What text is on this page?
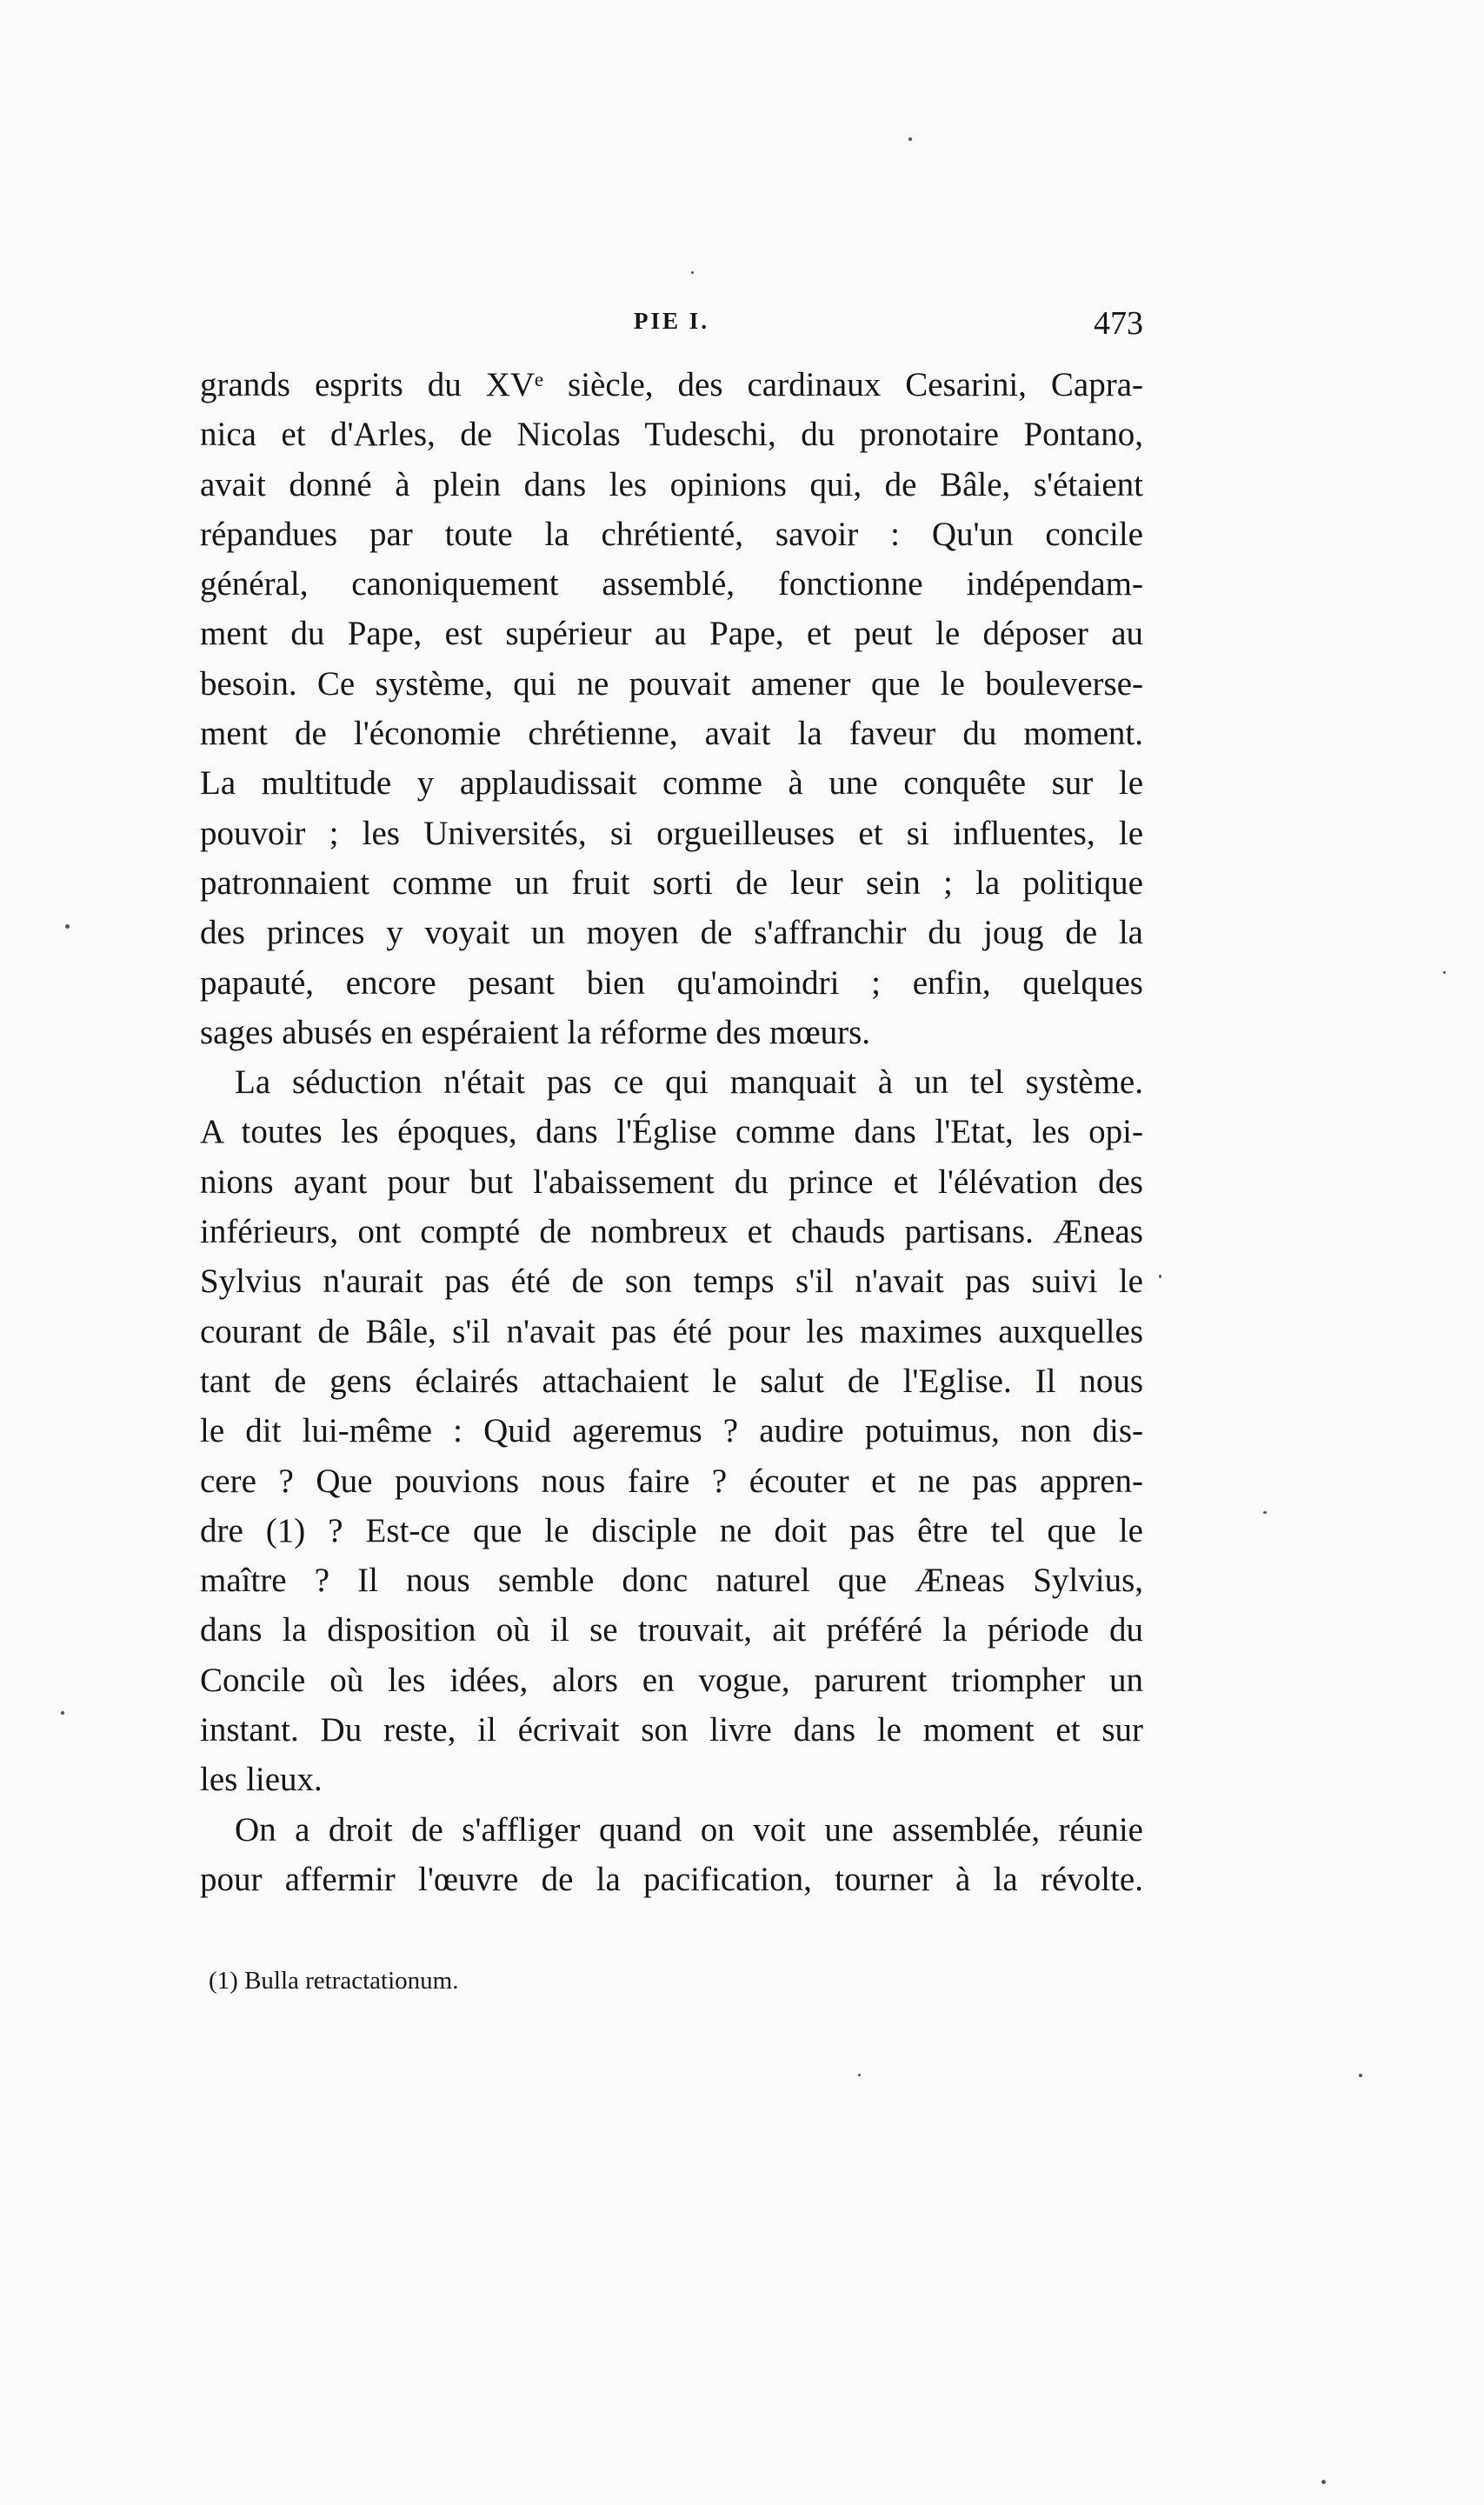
PIE I.	473
grands esprits du XVᵉ siècle, des cardinaux Cesarini, Capra-
nica et d'Arles, de Nicolas Tudeschi, du pronotaire Pontano,
avait donné à plein dans les opinions qui, de Bâle, s'étaient
répandues par toute la chrétienté, savoir : Qu'un concile
général, canoniquement assemblé, fonctionne indépendam-
ment du Pape, est supérieur au Pape, et peut le déposer au
besoin. Ce système, qui ne pouvait amener que le bouleverse-
ment de l'économie chrétienne, avait la faveur du moment.
La multitude y applaudissait comme à une conquête sur le
pouvoir ; les Universités, si orgueilleuses et si influentes, le
patronnaient comme un fruit sorti de leur sein ; la politique
des princes y voyait un moyen de s'affranchir du joug de la
papauté, encore pesant bien qu'amoindri ; enfin, quelques
sages abusés en espéraient la réforme des mœurs.
La séduction n'était pas ce qui manquait à un tel système.
A toutes les époques, dans l'Église comme dans l'Etat, les opi-
nions ayant pour but l'abaissement du prince et l'élévation des
inférieurs, ont compté de nombreux et chauds partisans. Æneas
Sylvius n'aurait pas été de son temps s'il n'avait pas suivi le
courant de Bâle, s'il n'avait pas été pour les maximes auxquelles
tant de gens éclairés attachaient le salut de l'Eglise. Il nous
le dit lui-même : Quid ageremus ? audire potuimus, non dis-
cere ? Que pouvions nous faire ? écouter et ne pas appren-
dre (1) ? Est-ce que le disciple ne doit pas être tel que le
maître ? Il nous semble donc naturel que Æneas Sylvius,
dans la disposition où il se trouvait, ait préféré la période du
Concile où les idées, alors en vogue, parurent triompher un
instant. Du reste, il écrivait son livre dans le moment et sur
les lieux.
On a droit de s'affliger quand on voit une assemblée, réunie
pour affermir l'œuvre de la pacification, tourner à la révolte.
(1) Bulla retractationum.
